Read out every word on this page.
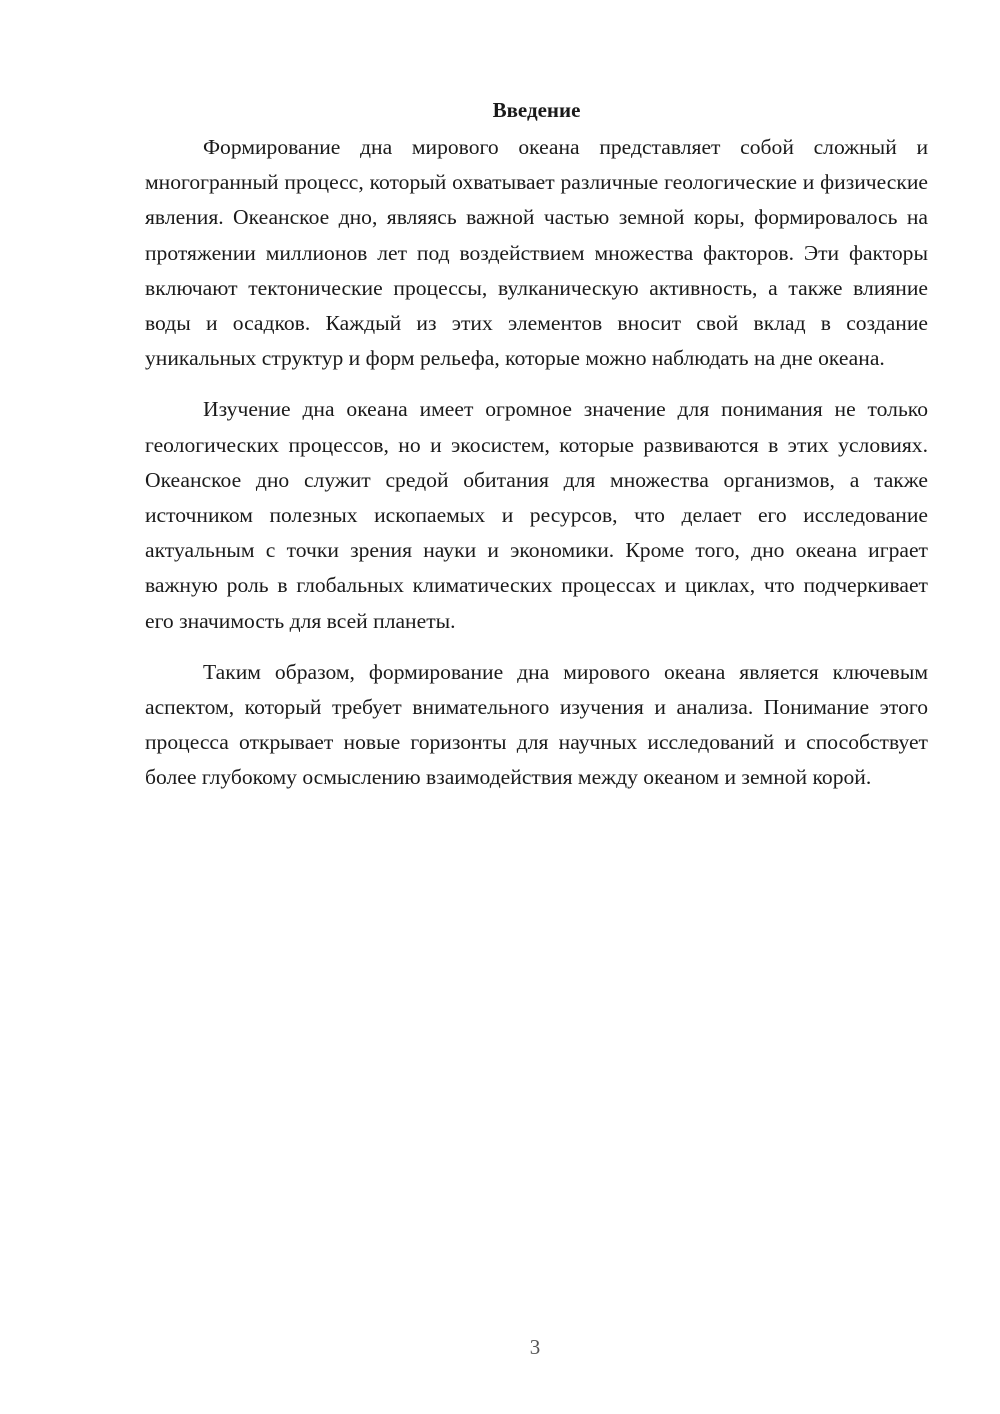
Введение

Формирование дна мирового океана представляет собой сложный и многогранный процесс, который охватывает различные геологические и физические явления. Океанское дно, являясь важной частью земной коры, формировалось на протяжении миллионов лет под воздействием множества факторов. Эти факторы включают тектонические процессы, вулканическую активность, а также влияние воды и осадков. Каждый из этих элементов вносит свой вклад в создание уникальных структур и форм рельефа, которые можно наблюдать на дне океана.

Изучение дна океана имеет огромное значение для понимания не только геологических процессов, но и экосистем, которые развиваются в этих условиях. Океанское дно служит средой обитания для множества организмов, а также источником полезных ископаемых и ресурсов, что делает его исследование актуальным с точки зрения науки и экономики. Кроме того, дно океана играет важную роль в глобальных климатических процессах и циклах, что подчеркивает его значимость для всей планеты.

Таким образом, формирование дна мирового океана является ключевым аспектом, который требует внимательного изучения и анализа. Понимание этого процесса открывает новые горизонты для научных исследований и способствует более глубокому осмыслению взаимодействия между океаном и земной корой.

3
